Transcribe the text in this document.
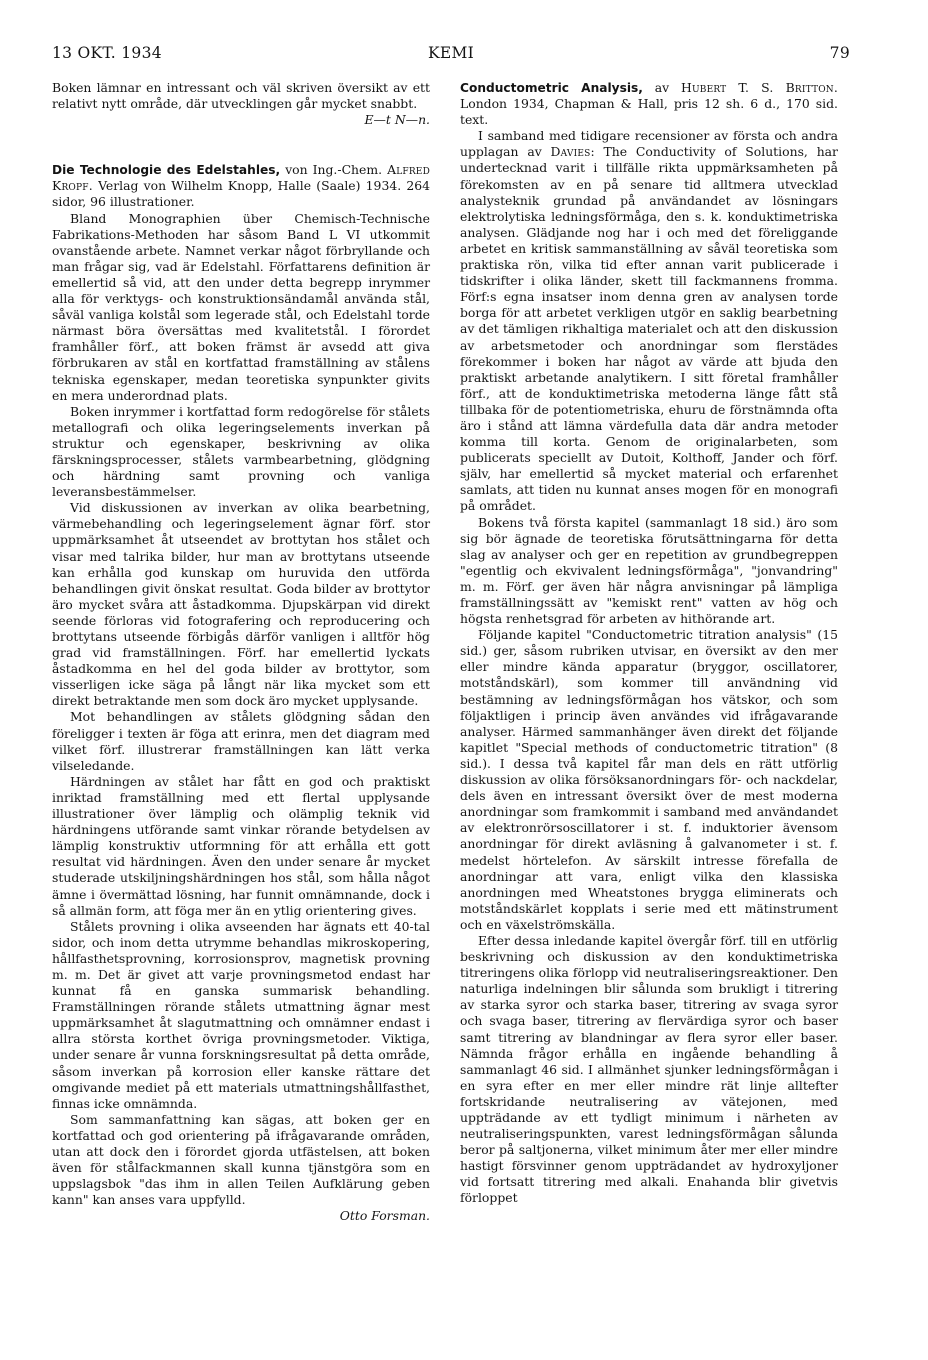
13 OKT. 1934	KEMI	79

Boken lämnar en intressant och väl skriven översikt av ett relativt nytt område, där utvecklingen går mycket snabbt.

E—t N—n.

Die Technologie des Edelstahles, von Ing.-Chem. Alfred Kropf. Verlag von Wilhelm Knopp, Halle (Saale) 1934. 264 sidor, 96 illustrationer.

Bland Monographien über Chemisch-Technische Fabrikations-Methoden har såsom Band L VI utkommit ovanstående arbete. Namnet verkar något förbryllande och man frågar sig, vad är Edelstahl. Författarens definition är emellertid så vid, att den under detta begrepp inrymmer alla för verktygs- och konstruktionsändamål använda stål, såväl vanliga kolstål som legerade stål, och Edelstahl torde närmast böra översättas med kvalitetstål. I förordet framhåller förf., att boken främst är avsedd att giva förbrukaren av stål en kortfattad framställning av stålens tekniska egenskaper, medan teoretiska synpunkter givits en mera underordnad plats.

Boken inrymmer i kortfattad form redogörelse för stålets metallografi och olika legeringselements inverkan på struktur och egenskaper, beskrivning av olika färskningsprocesser, stålets varmbearbetning, glödgning och härdning samt provning och vanliga leveransbestämmelser.

Vid diskussionen av inverkan av olika bearbetning, värmebehandling och legeringselement ägnar förf. stor uppmärksamhet åt utseendet av brottytan hos stålet och visar med talrika bilder, hur man av brottytans utseende kan erhålla god kunskap om huruvida den utförda behandlingen givit önskat resultat. Goda bilder av brottytor äro mycket svåra att åstadkomma. Djupskärpan vid direkt seende förloras vid fotografering och reproducering och brottytans utseende förbigås därför vanligen i alltför hög grad vid framställningen. Förf. har emellertid lyckats åstadkomma en hel del goda bilder av brottytor, som visserligen icke säga på långt när lika mycket som ett direkt betraktande men som dock äro mycket upplysande.

Mot behandlingen av stålets glödgning sådan den föreligger i texten är föga att erinra, men det diagram med vilket förf. illustrerar framställningen kan lätt verka vilseledande.

Härdningen av stålet har fått en god och praktiskt inriktad framställning med ett flertal upplysande illustrationer över lämplig och olämplig teknik vid härdningens utförande samt vinkar rörande betydelsen av lämplig konstruktiv utformning för att erhålla ett gott resultat vid härdningen. Även den under senare år mycket studerade utskiljningshärdningen hos stål, som hålla något ämne i övermättad lösning, har funnit omnämnande, dock i så allmän form, att föga mer än en ytlig orientering gives.

Stålets provning i olika avseenden har ägnats ett 40-tal sidor, och inom detta utrymme behandlas mikroskopering, hållfasthetsprovning, korrosionsprov, magnetisk provning m. m. Det är givet att varje provningsmetod endast har kunnat få en ganska summarisk behandling. Framställningen rörande stålets utmattning ägnar mest uppmärksamhet åt slagutmattning och omnämner endast i allra största korthet övriga provningsmetoder. Viktiga, under senare år vunna forskningsresultat på detta område, såsom inverkan på korrosion eller kanske rättare det omgivande mediet på ett materials utmattningshållfasthet, finnas icke omnämnda.

Som sammanfattning kan sägas, att boken ger en kortfattad och god orientering på ifrågavarande områden, utan att dock den i förordet gjorda utfästelsen, att boken även för stålfackmannen skall kunna tjänstgöra som en uppslagsbok "das ihm in allen Teilen Aufklärung geben kann" kan anses vara uppfylld.

Otto Forsman.

Conductometric Analysis, av Hubert T. S. Britton. London 1934, Chapman & Hall, pris 12 sh. 6 d., 170 sid. text.

I samband med tidigare recensioner av första och andra upplagan av Davies: The Conductivity of Solutions, har undertecknad varit i tillfälle rikta uppmärksamheten på förekomsten av en på senare tid alltmera utvecklad analysteknik grundad på användandet av lösningars elektrolytiska ledningsförmåga, den s. k. konduktimetriska analysen. Glädjande nog har i och med det föreliggande arbetet en kritisk sammanställning av såväl teoretiska som praktiska rön, vilka tid efter annan varit publicerade i tidskrifter i olika länder, skett till fackmannens fromma. Förf:s egna insatser inom denna gren av analysen torde borga för att arbetet verkligen utgör en saklig bearbetning av det tämligen rikhaltiga materialet och att den diskussion av arbetsmetoder och anordningar som flerstädes förekommer i boken har något av värde att bjuda den praktiskt arbetande analytikern. I sitt företal framhåller förf., att de konduktimetriska metoderna länge fått stå tillbaka för de potentiometriska, ehuru de förstnämnda ofta äro i stånd att lämna värdefulla data där andra metoder komma till korta. Genom de originalarbeten, som publicerats speciellt av Dutoit, Kolthoff, Jander och förf. själv, har emellertid så mycket material och erfarenhet samlats, att tiden nu kunnat anses mogen för en monografi på området.

Bokens två första kapitel (sammanlagt 18 sid.) äro som sig bör ägnade de teoretiska förutsättningarna för detta slag av analyser och ger en repetition av grundbegreppen "egentlig och ekvivalent ledningsförmåga", "jonvandring" m. m. Förf. ger även här några anvisningar på lämpliga framställningssätt av "kemiskt rent" vatten av hög och högsta renhetsgrad för arbeten av hithörande art.

Följande kapitel "Conductometric titration analysis" (15 sid.) ger, såsom rubriken utvisar, en översikt av den mer eller mindre kända apparatur (bryggor, oscillatorer, motståndskärl), som kommer till användning vid bestämning av ledningsförmågan hos vätskor, och som följaktligen i princip även användes vid ifrågavarande analyser. Härmed sammanhänger även direkt det följande kapitlet "Special methods of conductometric titration" (8 sid.). I dessa två kapitel får man dels en rätt utförlig diskussion av olika försöksanordningars för- och nackdelar, dels även en intressant översikt över de mest moderna anordningar som framkommit i samband med användandet av elektronrörsoscillatorer i st. f. induktorier ävensom anordningar för direkt avläsning å galvanometer i st. f. medelst hörtelefon. Av särskilt intresse förefalla de anordningar att vara, enligt vilka den klassiska anordningen med Wheatstones brygga eliminerats och motståndskärlet kopplats i serie med ett mätinstrument och en växelströmskälla.

Efter dessa inledande kapitel övergår förf. till en utförlig beskrivning och diskussion av den konduktimetriska titreringens olika förlopp vid neutraliseringsreaktioner. Den naturliga indelningen blir sålunda som brukligt i titrering av starka syror och starka baser, titrering av svaga syror och svaga baser, titrering av flervärdiga syror och baser samt titrering av blandningar av flera syror eller baser. Nämnda frågor erhålla en ingående behandling å sammanlagt 46 sid. I allmänhet sjunker ledningsförmågan i en syra efter en mer eller mindre rät linje alltefter fortskridande neutralisering av vätejonen, med uppträdande av ett tydligt minimum i närheten av neutraliseringspunkten, varest ledningsförmågan sålunda beror på saltjonerna, vilket minimum åter mer eller mindre hastigt försvinner genom uppträdandet av hydroxyljoner vid fortsatt titrering med alkali. Enahanda blir givetvis förloppet
